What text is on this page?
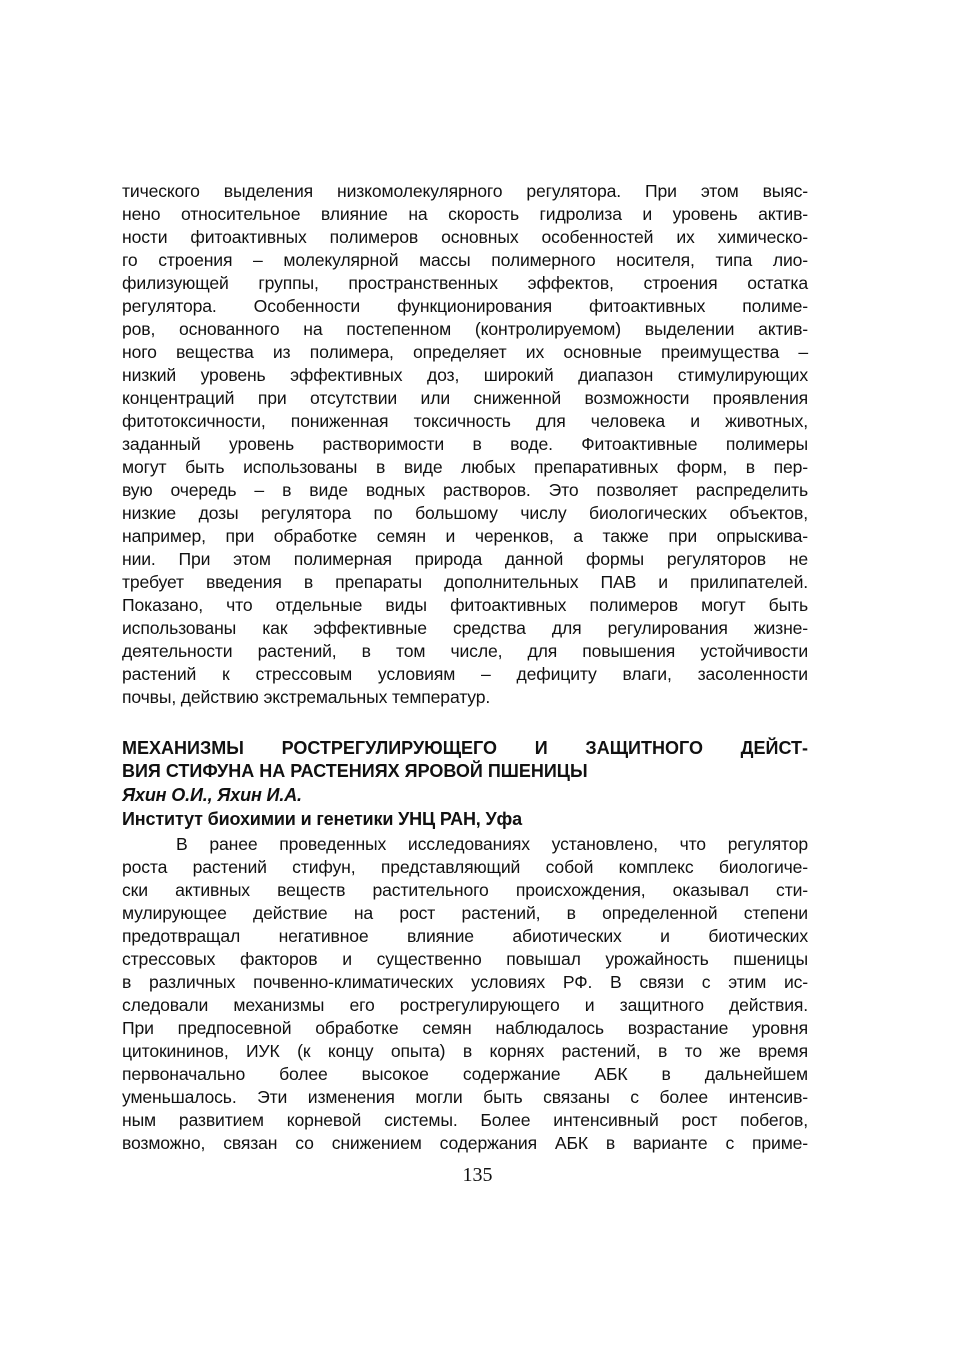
тического выделения низкомолекулярного регулятора. При этом выяс-
нено относительное влияние на скорость гидролиза и уровень актив-
ности фитоактивных полимеров основных особенностей их химическо-
го строения – молекулярной массы полимерного носителя, типа лио-
филизующей группы, пространственных эффектов, строения остатка
регулятора. Особенности функционирования фитоактивных полиме-
ров, основанного на постепенном (контролируемом) выделении актив-
ного вещества из полимера, определяет их основные преимущества –
низкий уровень эффективных доз, широкий диапазон стимулирующих
концентраций при отсутствии или сниженной возможности проявления
фитотоксичности, пониженная токсичность для человека и животных,
заданный уровень растворимости в воде. Фитоактивные полимеры
могут быть использованы в виде любых препаративных форм, в пер-
вую очередь – в виде водных растворов. Это позволяет распределить
низкие дозы регулятора по большому числу биологических объектов,
например, при обработке семян и черенков, а также при опрыскива-
нии. При этом полимерная природа данной формы регуляторов не
требует введения в препараты дополнительных ПАВ и прилипателей.
Показано, что отдельные виды фитоактивных полимеров могут быть
использованы как эффективные средства для регулирования жизне-
деятельности растений, в том числе, для повышения устойчивости
растений к стрессовым условиям – дефициту влаги, засоленности
почвы, действию экстремальных температур.
МЕХАНИЗМЫ РОСТРЕГУЛИРУЮЩЕГО И ЗАЩИТНОГО ДЕЙСТ-
ВИЯ СТИФУНА НА РАСТЕНИЯХ ЯРОВОЙ ПШЕНИЦЫ
Яхин О.И., Яхин И.А.
Институт биохимии и генетики УНЦ РАН, Уфа
В ранее проведенных исследованиях установлено, что регулятор
роста растений стифун, представляющий собой комплекс биологиче-
ски активных веществ растительного происхождения, оказывал сти-
мулирующее действие на рост растений, в определенной степени
предотвращал негативное влияние абиотических и биотических
стрессовых факторов и существенно повышал урожайность пшеницы
в различных почвенно-климатических условиях РФ. В связи с этим ис-
следовали механизмы его рострегулирующего и защитного действия.
При предпосевной обработке семян наблюдалось возрастание уровня
цитокининов, ИУК (к концу опыта) в корнях растений, в то же время
первоначально более высокое содержание АБК в дальнейшем
уменьшалось. Эти изменения могли быть связаны с более интенсив-
ным развитием корневой системы. Более интенсивный рост побегов,
возможно, связан со снижением содержания АБК в варианте с приме-
135
